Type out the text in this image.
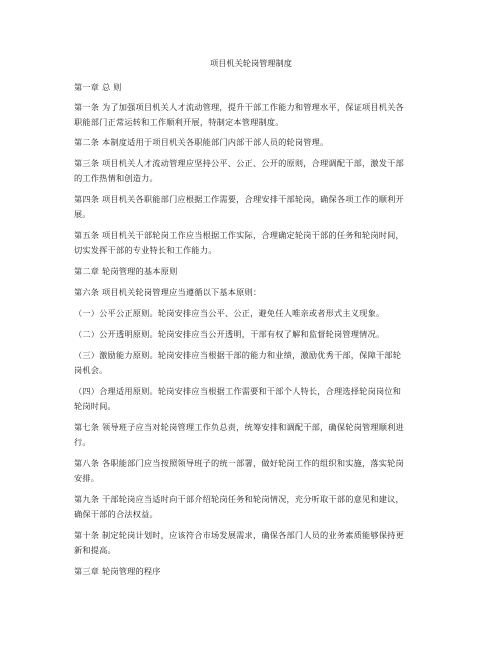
项目机关轮岗管理制度
第一章 总 则
第一条 为了加强项目机关人才流动管理，提升干部工作能力和管理水平，保证项目机关各
职能部门正常运转和工作顺利开展，特制定本管理制度。
第二条 本制度适用于项目机关各职能部门内部干部人员的轮岗管理。
第三条 项目机关人才流动管理应坚持公平、公正、公开的原则，合理调配干部，激发干部
的工作热情和创造力。
第四条 项目机关各职能部门应根据工作需要，合理安排干部轮岗，确保各项工作的顺利开
展。
第五条 项目机关干部轮岗工作应当根据工作实际，合理确定轮岗干部的任务和轮岗时间，
切实发挥干部的专业特长和工作能力。
第二章 轮岗管理的基本原则
第六条 项目机关轮岗管理应当遵循以下基本原则：
（一）公平公正原则。轮岗安排应当公平、公正，避免任人唯亲或者形式主义现象。
（二）公开透明原则。轮岗安排应当公开透明，干部有权了解和监督轮岗管理情况。
（三）激励能力原则。轮岗安排应当根据干部的能力和业绩，激励优秀干部，保障干部轮
岗机会。
（四）合理适用原则。轮岗安排应当根据工作需要和干部个人特长，合理选择轮岗岗位和
轮岗时间。
第七条 领导班子应当对轮岗管理工作负总责，统筹安排和调配干部，确保轮岗管理顺利进
行。
第八条 各职能部门应当按照领导班子的统一部署，做好轮岗工作的组织和实施，落实轮岗
安排。
第九条 干部轮岗应当适时向干部介绍轮岗任务和轮岗情况，充分听取干部的意见和建议，
确保干部的合法权益。
第十条 制定轮岗计划时，应该符合市场发展需求，确保各部门人员的业务素质能够保持更
新和提高。
第三章 轮岗管理的程序
